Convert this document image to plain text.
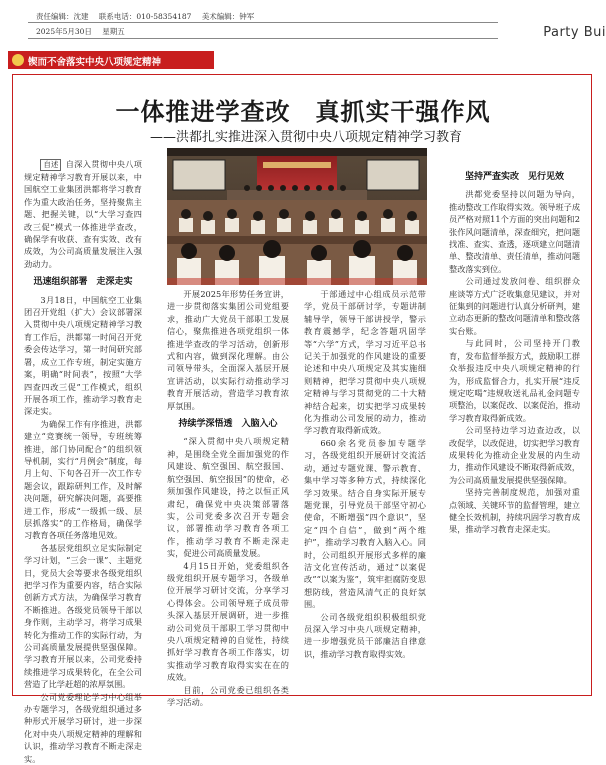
责任编辑：沈建 联系电话：010-58354187 美术编辑：钟军
2025年5月30日 星期五	Party Bui
锲而不舍落实中央八项规定精神
一体推进学查改　真抓实干强作风
——洪都扎实推进深入贯彻中央八项规定精神学习教育

自述 自深入贯彻中央八项规定精神学习教育开展以来，中国航空工业集团洪都将学习教育作为重大政治任务，坚持聚焦主题、把握关键，以“大学习查四改三促”模式一体推进学查改，确保学有收获、查有实效、改有成效，为公司高质量发展注入强劲动力。

迅速组织部署　走深走实

3月18日，中国航空工业集团召开党组（扩大）会议部署深入贯彻中央八项规定精神学习教育工作后，洪都第一时间召开党委会传达学习，第一时间研究部署，成立工作专班，制定实施方案，明确“时间表”，按照“大学四查四改三促”工作模式，组织开展各项工作，推动学习教育走深走实。

为确保工作有序推进，洪都建立“竞赛统一领导，专班统筹推进，部门协同配合”的组织领导机制，实行“月例会”制度，每月上旬、下旬各召开一次工作专题会议，跟踪研判工作，及时解决问题，研究解决问题，高要推进工作，形成“一级抓一级、层层抓落实”的工作格局，确保学习教育各项任务落地见效。

各基层党组织立足实际制定学习计划，“三会一课”、主题党日，党员大会等要求各级党组织把学习作为重要内容，结合实际创新方式方法，为确保学习教育不断推进。各级党员领导干部以身作则，主动学习，将学习成果转化为推动工作的实际行动，为公司高质量发展提供坚强保障。学习教育开展以来，公司党委持续推进学习成果转化，在全公司营造了比学赶超的浓厚氛围。

公司党委理论学习中心组举办专题学习，各级党组织通过多种形式开展学习研讨，进一步深化对中央八项规定精神的理解和认识，推动学习教育不断走深走实。

开展2025年形势任务宣讲，进一步贯彻落实集团公司党组要求，推动广大党员干部职工发展信心，聚焦推进各项党组织一体推进学查改的学习活动，创新形式和内容，做到深化理解。由公司领导带头，全面深入基层开展宣讲活动，以实际行动推动学习教育开展活动，营造学习教育浓厚氛围。

持续学深悟透　入脑入心

“深入贯彻中央八项规定精神，是围绕全党全面加强党的作风建设、航空强国、航空报国、航空强国、航空报国”的使命，必须加强作风建设，持之以恒正风肃纪，确保党中央决策部署落实，公司党委多次召开专题会议，部署推动学习教育各项工作，推动学习教育不断走深走实，促进公司高质量发展。

4月15日开始，党委组织各级党组织开展专题学习，各级单位开展学习研讨交流，分享学习心得体会。公司领导班子成员带头深入基层开展调研，进一步推动公司党员干部职工学习贯彻中央八项规定精神的自觉性，持续抓好学习教育各项工作落实，切实推动学习教育取得实实在在的成效。

目前，公司党委已组织各类学习活动。

于部通过中心组成员示范带学，党员干部研讨学，专题讲制辅导学，领导干部讲授学，警示教育震撼学，纪念答题巩固学等“六学”方式，学习习近平总书记关于加强党的作风建设的重要论述和中央八项规定及其实施细则精神，把学习贯彻中央八项规定精神与学习贯彻党的二十大精神结合起来，切实把学习成果转化为推动公司发展的动力，推动学习教育取得新成效。

660余名党员参加专题学习，各级党组织开展研讨交流活动，通过专题党课、警示教育、集中学习等多种方式，持续深化学习效果。结合自身实际开展专题党课，引导党员干部坚守初心使命，不断增强“四个意识”，坚定“四个自信”，做到“两个维护”，推动学习教育入脑入心。同时，公司组织开展形式多样的廉洁文化宣传活动，通过“以案促改”“以案为鉴”，筑牢拒腐防变思想防线，营造风清气正的良好氛围。

公司各级党组织积极组织党员深入学习中央八项规定精神，进一步增强党员干部廉洁自律意识，推动学习教育取得实效。

坚持严查实改　见行见效

洪都党委坚持以问题为导向，推动整改工作取得实效。领导班子成员严格对照11个方面的突出问题和2张作风问题清单，深查细究，把问题找准、查实、查透，逐项建立问题清单、整改清单、责任清单，推动问题整改落实到位。

公司通过发放问卷、组织群众座谈等方式广泛收集意见建议，并对征集到的问题进行认真分析研判，建立动态更新的整改问题清单和整改落实台账。

与此同时，公司坚持开门教育，发布监督举报方式，鼓励职工群众举报违反中央八项规定精神的行为，形成监督合力，扎实开展“违反规定吃喝”违规收送礼品礼金问题专项整治，以案促改、以案促治，推动学习教育取得新成效。

公司坚持边学习边查边改，以改促学，以改促进，切实把学习教育成果转化为推动企业发展的内生动力，推动作风建设不断取得新成效，为公司高质量发展提供坚强保障。

坚持完善制度规范，加强对重点领域、关键环节的监督管理，建立健全长效机制，持续巩固学习教育成果，推动学习教育走深走实。
